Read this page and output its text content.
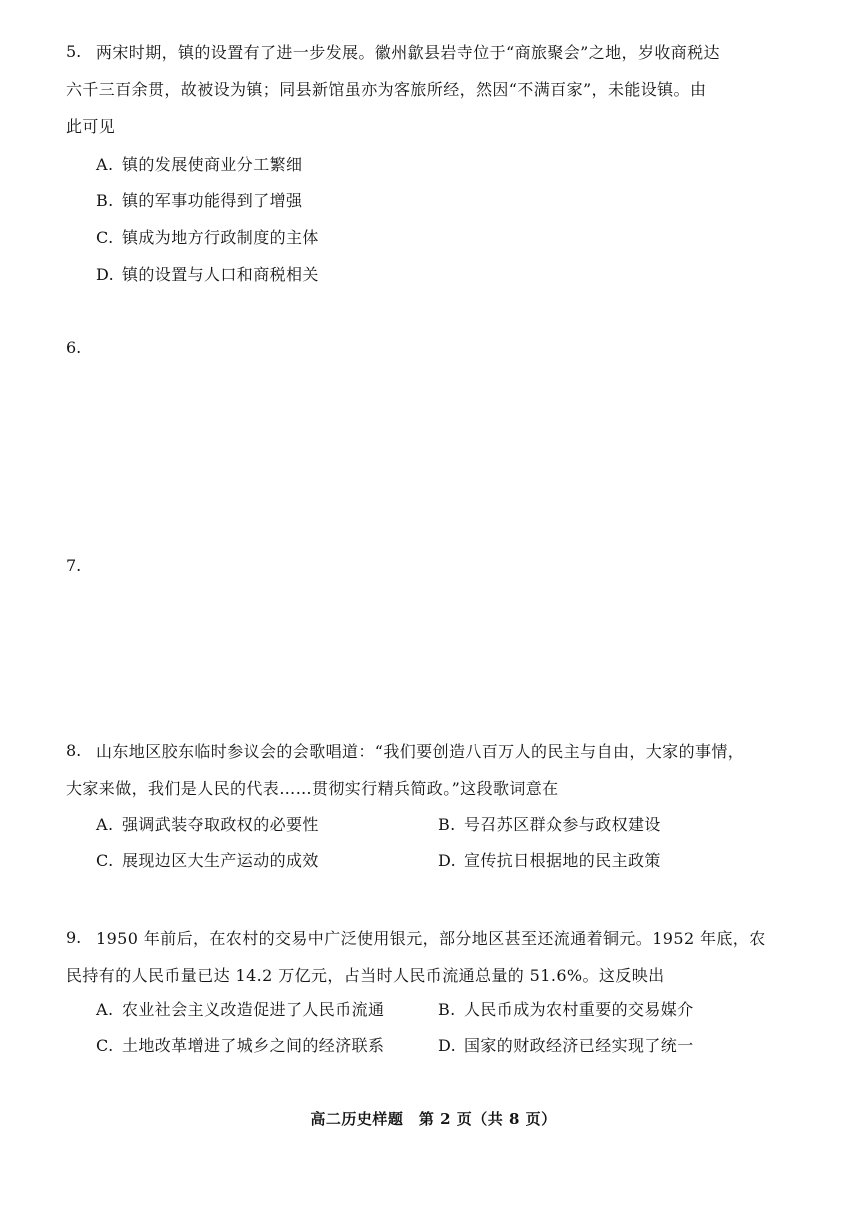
5. 两宋时期，镇的设置有了进一步发展。徽州歙县岩寺位于“商旅聚会”之地，岁收商税达
六千三百余贯，故被设为镇；同县新馆虽亦为客旅所经，然因“不满百家”，未能设镇。由
此可见
A. 镇的发展使商业分工繁细
B. 镇的军事功能得到了增强
C. 镇成为地方行政制度的主体
D. 镇的设置与人口和商税相关
6.
7.
8. 山东地区胶东临时参议会的会歌唱道：“我们要创造八百万人的民主与自由，大家的事情，
大家来做，我们是人民的代表……贯彻实行精兵简政。”这段歌词意在
A. 强调武装夺取政权的必要性	B. 号召苏区群众参与政权建设
C. 展现边区大生产运动的成效	D. 宣传抗日根据地的民主政策
9. 1950 年前后，在农村的交易中广泛使用银元，部分地区甚至还流通着铜元。1952 年底，农
民持有的人民币量已达 14.2 万亿元，占当时人民币流通总量的 51.6%。这反映出
A. 农业社会主义改造促进了人民币流通	B. 人民币成为农村重要的交易媒介
C. 土地改革增进了城乡之间的经济联系	D. 国家的财政经济已经实现了统一
高二历史样题　第 2 页（共 8 页）
